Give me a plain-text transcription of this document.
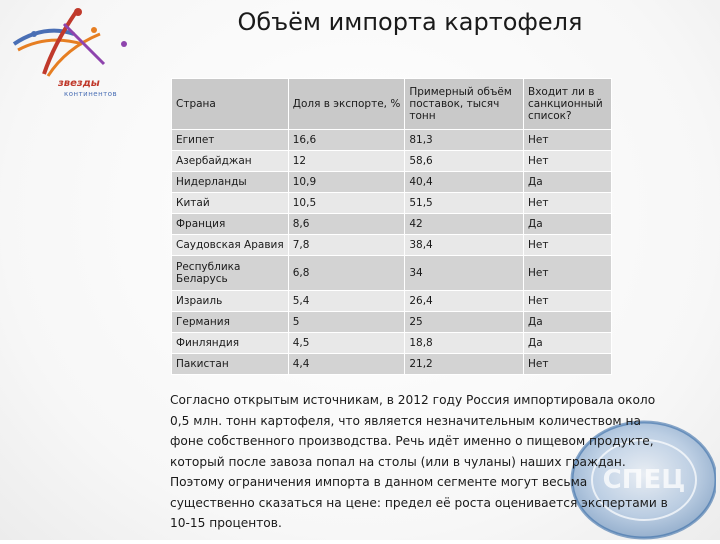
звезды
континентов
Объём импорта картофеля
Страна	Доля в экспорте, %	Примерный объём поставок, тысяч тонн	Входит ли в санкционный список?
Египет	16,6	81,3	Нет
Азербайджан	12	58,6	Нет
Нидерланды	10,9	40,4	Да
Китай	10,5	51,5	Нет
Франция	8,6	42	Да
Саудовская Аравия	7,8	38,4	Нет
Республика Беларусь	6,8	34	Нет
Израиль	5,4	26,4	Нет
Германия	5	25	Да
Финляндия	4,5	18,8	Да
Пакистан	4,4	21,2	Нет
СПЕЦ
Согласно открытым источникам, в 2012 году Россия импортировала около 0,5 млн. тонн картофеля, что является незначительным количеством на фоне собственного производства. Речь идёт именно о пищевом продукте, который после завоза попал на столы (или в чуланы) наших граждан. Поэтому ограничения импорта в данном сегменте могут весьма существенно сказаться на цене: предел её роста оценивается экспертами в 10-15 процентов.
